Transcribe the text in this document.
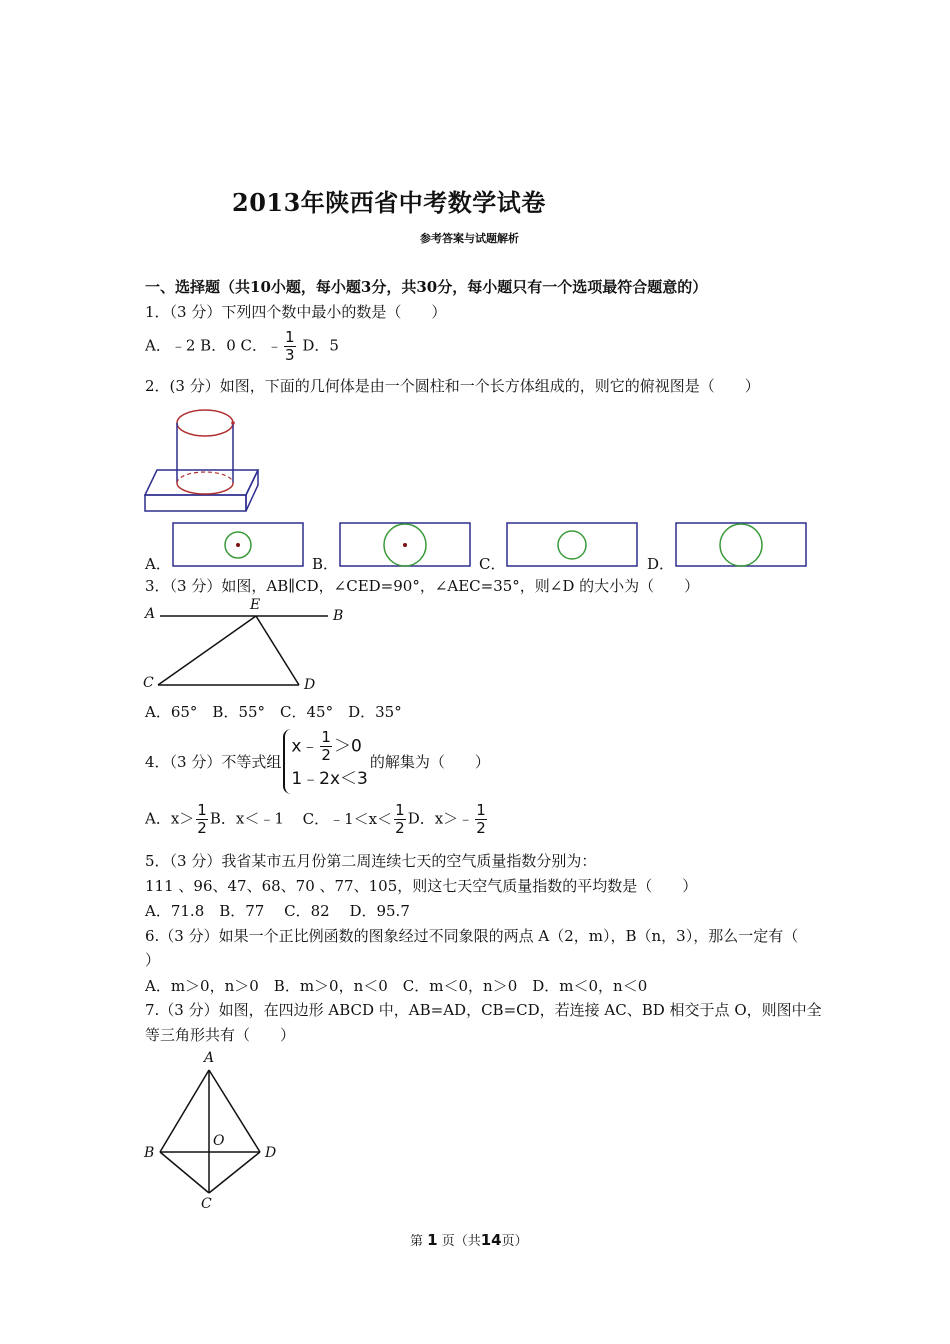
2013年陕西省中考数学试卷
参考答案与试题解析
一、选择题（共10小题，每小题3分，共30分，每小题只有一个选项最符合题意的）
1．（3 分）下列四个数中最小的数是（　　）
A．﹣2 B．0 C．﹣ $\frac{1}{3}$ D．5
2．(3 分）如图，下面的几何体是由一个圆柱和一个长方体组成的，则它的俯视图是（　　）
A．	B．	C．	D．
3．（3 分）如图，AB∥CD，∠CED=90°，∠AEC=35°，则∠D 的大小为（　　）
A
E
B
C	D
A．65°　B．55°　C．45°　D．35°
4．（3 分）不等式组
x﹣ $\frac{1}{2} >0$
1﹣2x＜3
的解集为（　　）
A．$x> \frac{1}{2}$ B．x＜﹣1 C．﹣1＜x＜ $\frac{1}{2}$ D．x＞﹣ $\frac{1}{2}$
5．（3 分）我省某市五月份第二周连续七天的空气质量指数分别为：
111 、96、47、68、70 、77、105，则这七天空气质量指数的平均数是（　　）
A．71.8　B．77　 C．82　 D．95.7
6.（3 分）如果一个正比例函数的图象经过不同象限的两点 A（2，m），B（n，3），那么一定有（
）
A．m＞0，n＞0　B．m＞0，n＜0　C．m＜0，n＞0　D．m＜0，n＜0
7.（3 分）如图，在四边形 ABCD 中，AB=AD，CB=CD，若连接 AC、BD 相交于点 O，则图中全
等三角形共有（　　）
A
B
O
D
C
第 1 页（共14页）
